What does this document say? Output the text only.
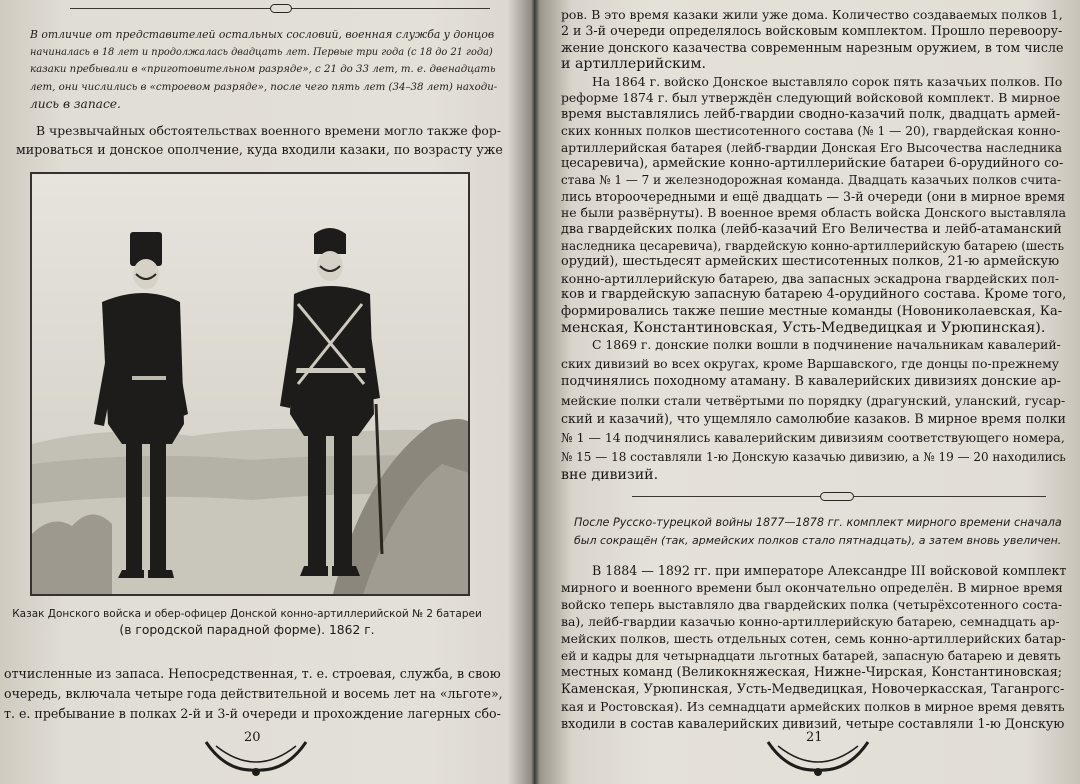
В отличие от представителей остальных сословий, военная служба у донцов
начиналась в 18 лет и продолжалась двадцать лет. Первые три года (с 18 до 21 года)
казаки пребывали в «приготовительном разряде», с 21 до 33 лет, т. е. двенадцать
лет, они числились в «строевом разряде», после чего пять лет (34–38 лет) находи-
лись в запасе.
В чрезвычайных обстоятельствах военного времени могло также фор-
мироваться и донское ополчение, куда входили казаки, по возрасту уже
Казак Донского войска и обер-офицер Донской конно-артиллерийской № 2 батареи
(в городской парадной форме). 1862 г.
отчисленные из запаса. Непосредственная, т. е. строевая, служба, в свою
очередь, включала четыре года действительной и восемь лет на «льготе»,
т. е. пребывание в полках 2-й и 3-й очереди и прохождение лагерных сбо-
20
ров. В это время казаки жили уже дома. Количество создаваемых полков 1,
2 и 3-й очереди определялось войсковым комплектом. Прошло перевоору-
жение донского казачества современным нарезным оружием, в том числе
и артиллерийским.
На 1864 г. войско Донское выставляло сорок пять казачьих полков. По
реформе 1874 г. был утверждён следующий войсковой комплект. В мирное
время выставлялись лейб-гвардии сводно-казачий полк, двадцать армей-
ских конных полков шестисотенного состава (№ 1 — 20), гвардейская конно-
артиллерийская батарея (лейб-гвардии Донская Его Высочества наследника
цесаревича), армейские конно-артиллерийские батареи 6-орудийного со-
става № 1 — 7 и железнодорожная команда. Двадцать казачьих полков счита-
лись второочередными и ещё двадцать — 3-й очереди (они в мирное время
не были развёрнуты). В военное время область войска Донского выставляла
два гвардейских полка (лейб-казачий Его Величества и лейб-атаманский
наследника цесаревича), гвардейскую конно-артиллерийскую батарею (шесть
орудий), шестьдесят армейских шестисотенных полков, 21-ю армейскую
конно-артиллерийскую батарею, два запасных эскадрона гвардейских пол-
ков и гвардейскую запасную батарею 4-орудийного состава. Кроме того,
формировались также пешие местные команды (Новониколаевская, Ка-
менская, Константиновская, Усть-Медведицкая и Урюпинская).
С 1869 г. донские полки вошли в подчинение начальникам кавалерий-
ских дивизий во всех округах, кроме Варшавского, где донцы по-прежнему
подчинялись походному атаману. В кавалерийских дивизиях донские ар-
мейские полки стали четвёртыми по порядку (драгунский, уланский, гусар-
ский и казачий), что ущемляло самолюбие казаков. В мирное время полки
После Русско-турецкой войны 1877—1878 гг. комплект мирного времени сначала
был сокращён (так, армейских полков стало пятнадцать), а затем вновь увеличен.
В 1884 — 1892 гг. при императоре Александре III войсковой комплект
мирного и военного времени был окончательно определён. В мирное время
войско теперь выставляло два гвардейских полка (четырёхсотенного соста-
ва), лейб-гвардии казачью конно-артиллерийскую батарею, семнадцать ар-
мейских полков, шесть отдельных сотен, семь конно-артиллерийских батар-
ей и кадры для четырнадцати льготных батарей, запасную батарею и девять
местных команд (Великокняжеская, Нижне-Чирская, Константиновская;
Каменская, Урюпинская, Усть-Медведицкая, Новочеркасская, Таганрогс-
кая и Ростовская). Из семнадцати армейских полков в мирное время девять
21
№ 1 — 14 подчинялись кавалерийским дивизиям соответствующего номера,
№ 15 — 18 составляли 1-ю Донскую казачью дивизию, а № 19 — 20 находились
вне дивизий.
входили в состав кавалерийских дивизий, четыре составляли 1-ю Донскую
